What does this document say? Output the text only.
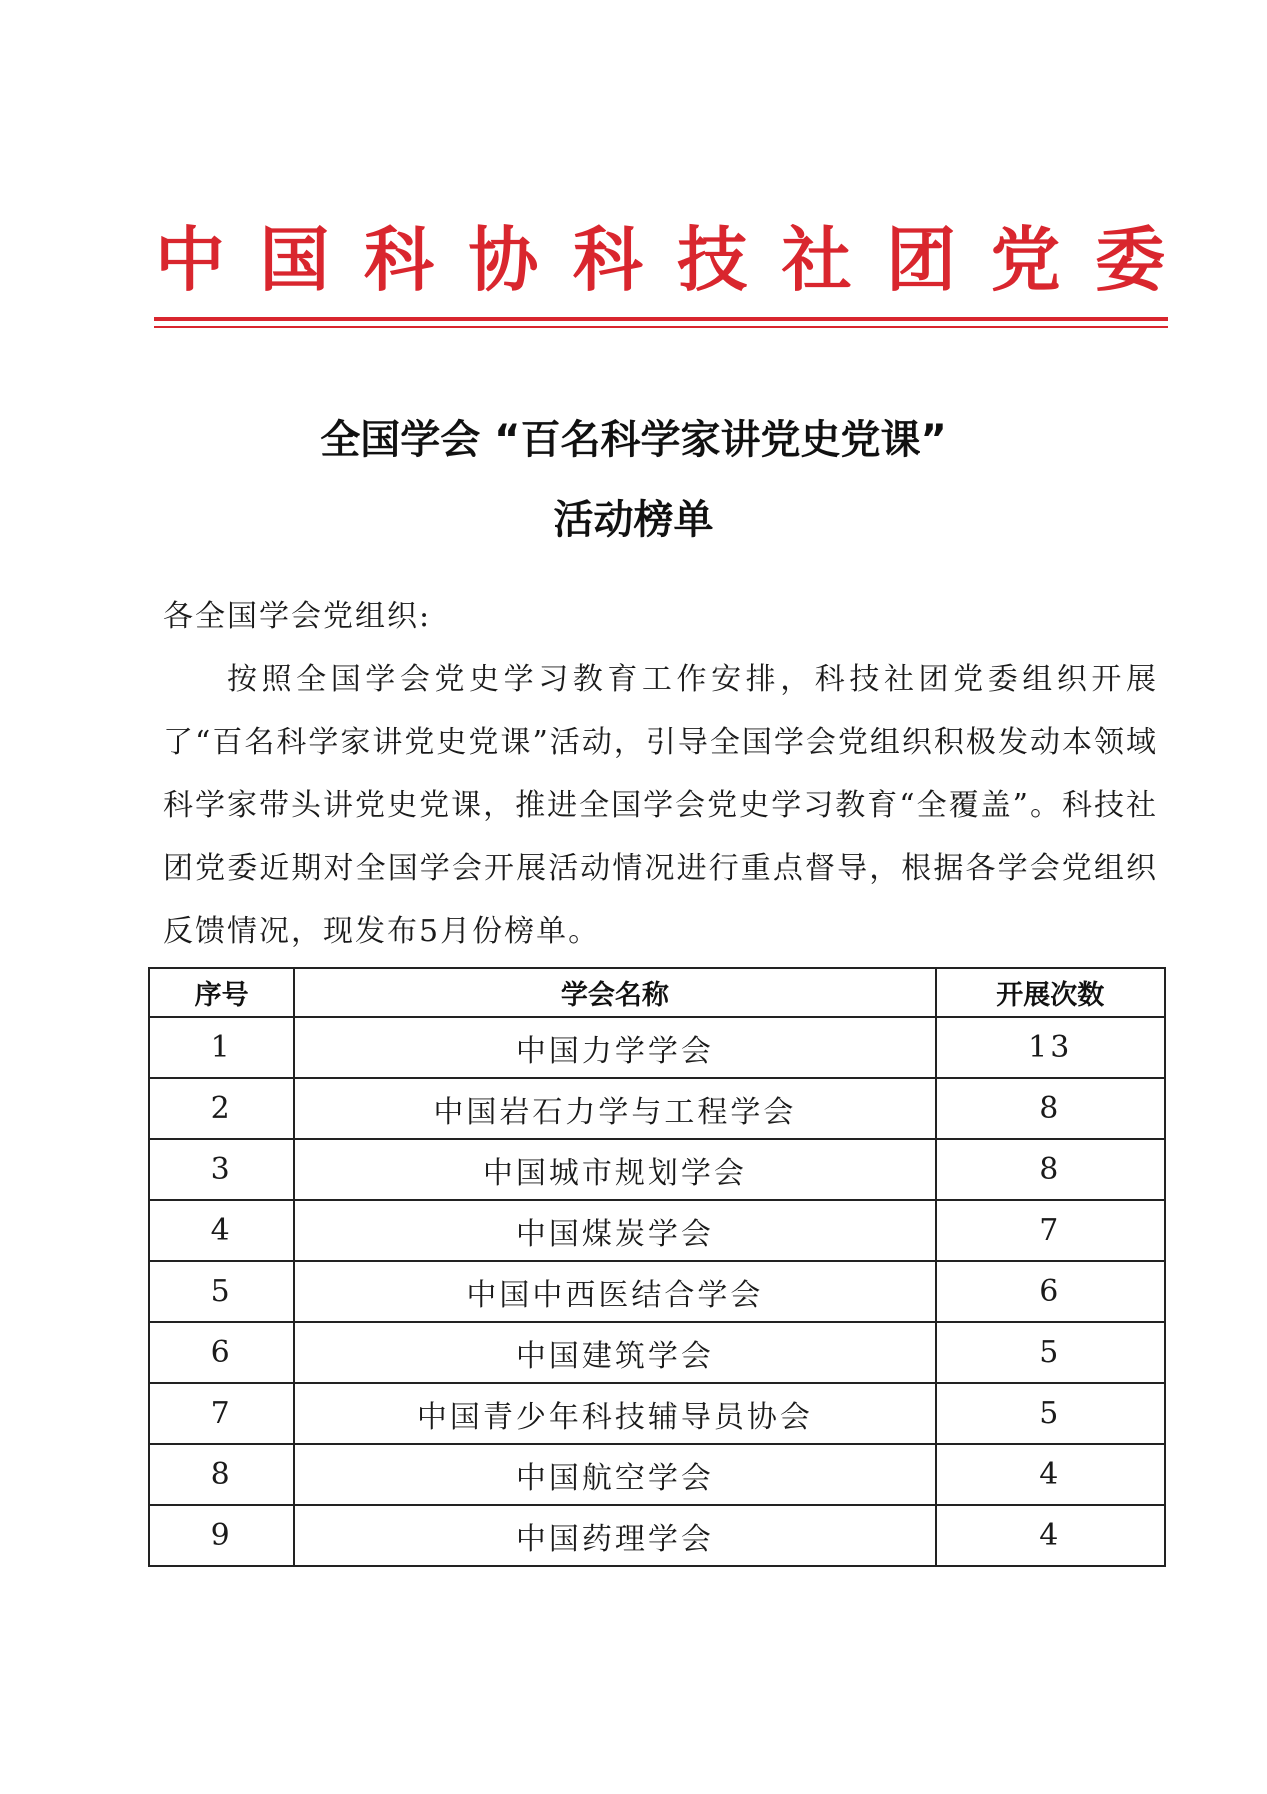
中 国 科 协 科 技 社 团 党 委
全国学会 “百名科学家讲党史党课”
活动榜单

各全国学会党组织:

按照全国学会党史学习教育工作安排，科技社团党委组织开展了“百名科学家讲党史党课”活动，引导全国学会党组织积极发动本领域科学家带头讲党史党课，推进全国学会党史学习教育“全覆盖”。科技社团党委近期对全国学会开展活动情况进行重点督导，根据各学会党组织反馈情况，现发布5月份榜单。

序号	学会名称	开展次数
1	中国力学学会	13
2	中国岩石力学与工程学会	8
3	中国城市规划学会	8
4	中国煤炭学会	7
5	中国中西医结合学会	6
6	中国建筑学会	5
7	中国青少年科技辅导员协会	5
8	中国航空学会	4
9	中国药理学会	4
